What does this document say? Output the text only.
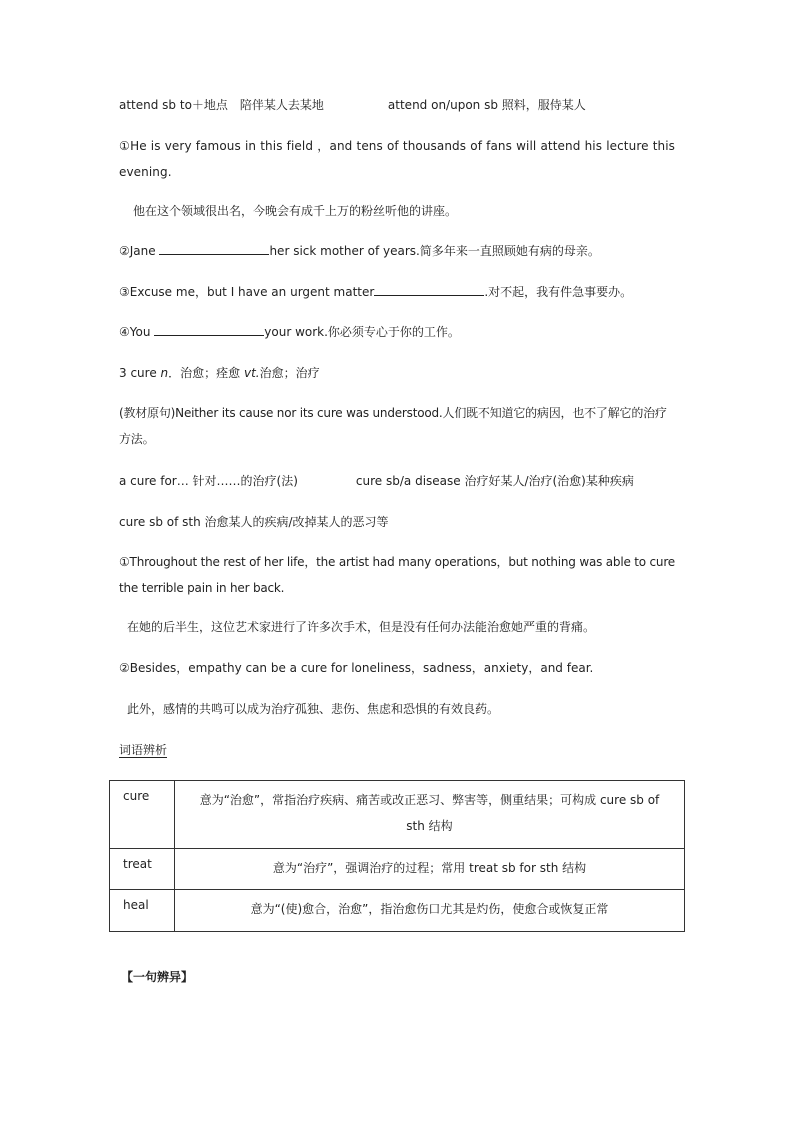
attend sb to＋地点　陪伴某人去某地	attend on/upon sb 照料，服侍某人
①He is very famous in this field ，and tens of thousands of fans will attend his lecture this evening.
他在这个领域很出名，今晚会有成千上万的粉丝听他的讲座。
②Jane	her sick mother of years.简多年来一直照顾她有病的母亲。
③Excuse me，but I have an urgent matter	.对不起，我有件急事要办。
④You	your work.你必须专心于你的工作。
3 cure n．治愈；痊愈 vt.治愈；治疗
(教材原句)Neither its cause nor its cure was understood.人们既不知道它的病因，也不了解它的治疗方法。
a cure for… 针对……的治疗(法)	cure sb/a disease 治疗好某人/治疗(治愈)某种疾病
cure sb of sth 治愈某人的疾病/改掉某人的恶习等
①Throughout the rest of her life，the artist had many operations，but nothing was able to cure the terrible pain in her back.
在她的后半生，这位艺术家进行了许多次手术，但是没有任何办法能治愈她严重的背痛。
②Besides，empathy can be a cure for loneliness，sadness，anxiety，and fear.
此外，感情的共鸣可以成为治疗孤独、悲伤、焦虑和恐惧的有效良药。
词语辨析
cure	意为“治愈”，常指治疗疾病、痛苦或改正恶习、弊害等，侧重结果；可构成 cure sb of sth 结构
treat	意为“治疗”，强调治疗的过程；常用 treat sb for sth 结构
heal	意为“(使)愈合，治愈”，指治愈伤口尤其是灼伤，使愈合或恢复正常
【一句辨异】
